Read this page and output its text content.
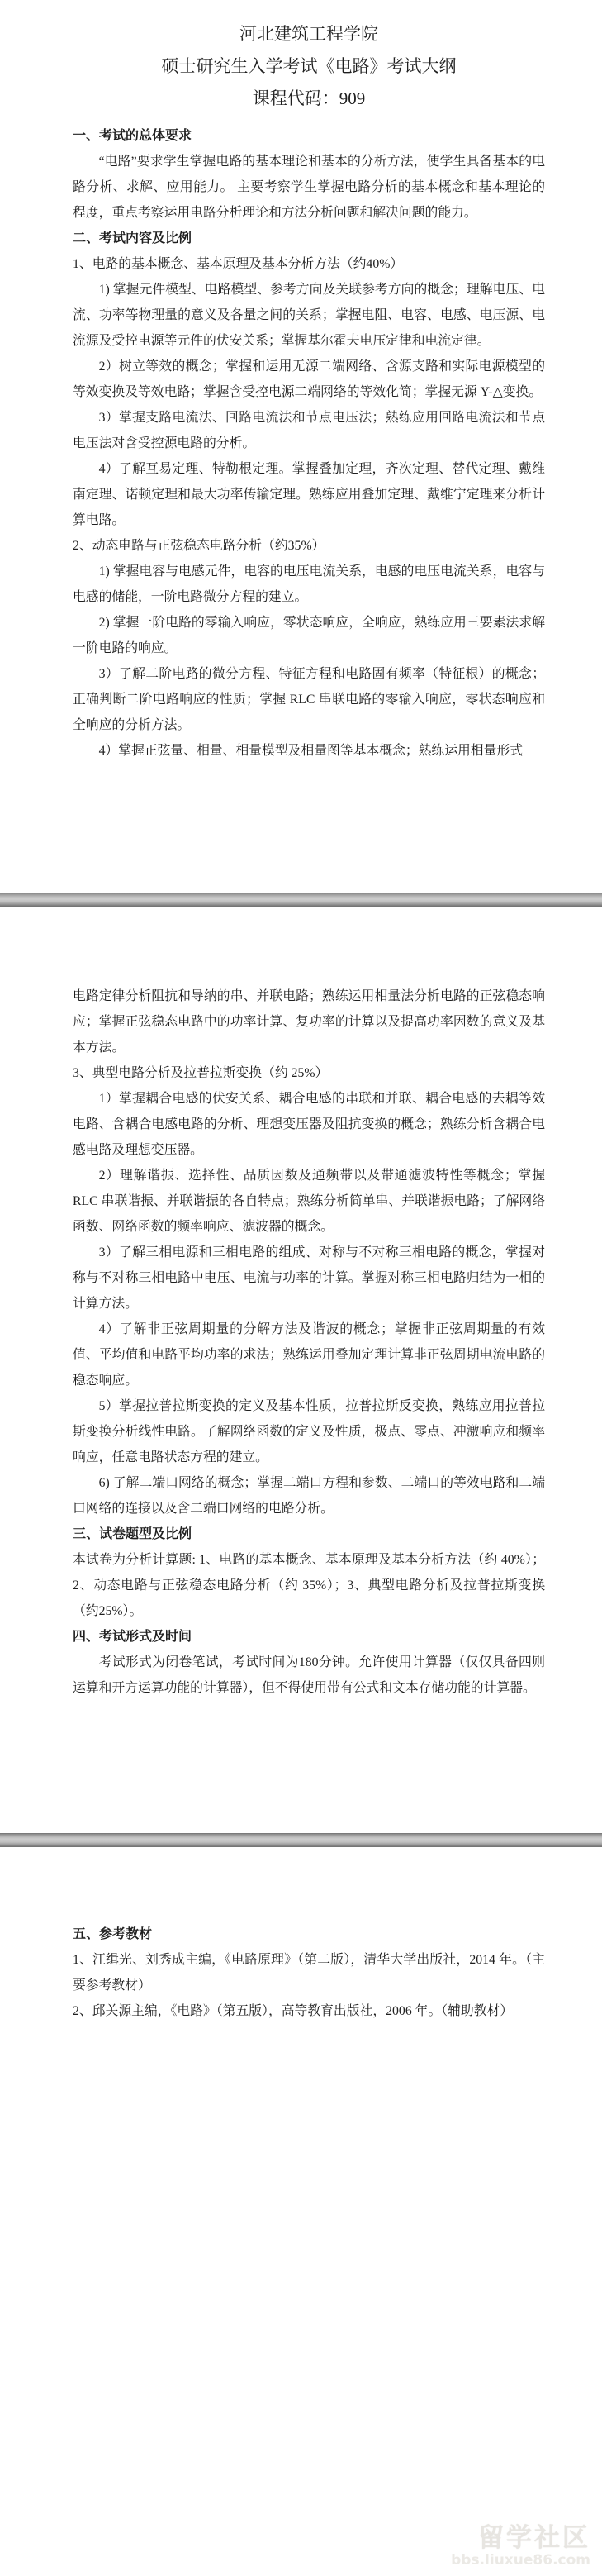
河北建筑工程学院

硕士研究生入学考试《电路》考试大纲

课程代码：909

一、考试的总体要求

“电路”要求学生掌握电路的基本理论和基本的分析方法，使学生具备基本的电路分析、求解、应用能力。 主要考察学生掌握电路分析的基本概念和基本理论的程度，重点考察运用电路分析理论和方法分析问题和解决问题的能力。

二、考试内容及比例

1、电路的基本概念、基本原理及基本分析方法（约40%）

1) 掌握元件模型、电路模型、参考方向及关联参考方向的概念；理解电压、电流、功率等物理量的意义及各量之间的关系；掌握电阻、电容、电感、电压源、电流源及受控电源等元件的伏安关系；掌握基尔霍夫电压定律和电流定律。

2）树立等效的概念；掌握和运用无源二端网络、含源支路和实际电源模型的等效变换及等效电路；掌握含受控电源二端网络的等效化简；掌握无源 Y-△变换。

3）掌握支路电流法、回路电流法和节点电压法；熟练应用回路电流法和节点电压法对含受控源电路的分析。

4）了解互易定理、特勒根定理。掌握叠加定理，齐次定理、替代定理、戴维南定理、诺顿定理和最大功率传输定理。熟练应用叠加定理、戴维宁定理来分析计算电路。

2、动态电路与正弦稳态电路分析（约35%）

1) 掌握电容与电感元件，电容的电压电流关系，电感的电压电流关系，电容与电感的储能，一阶电路微分方程的建立。

2) 掌握一阶电路的零输入响应，零状态响应，全响应，熟练应用三要素法求解一阶电路的响应。

3）了解二阶电路的微分方程、特征方程和电路固有频率（特征根）的概念；正确判断二阶电路响应的性质；掌握 RLC 串联电路的零输入响应，零状态响应和全响应的分析方法。

4）掌握正弦量、相量、相量模型及相量图等基本概念；熟练运用相量形式

电路定律分析阻抗和导纳的串、并联电路；熟练运用相量法分析电路的正弦稳态响应；掌握正弦稳态电路中的功率计算、复功率的计算以及提高功率因数的意义及基本方法。

3、典型电路分析及拉普拉斯变换（约 25%）

1）掌握耦合电感的伏安关系、耦合电感的串联和并联、耦合电感的去耦等效电路、含耦合电感电路的分析、理想变压器及阻抗变换的概念；熟练分析含耦合电感电路及理想变压器。

2）理解谐振、选择性、品质因数及通频带以及带通滤波特性等概念；掌握RLC 串联谐振、并联谐振的各自特点；熟练分析简单串、并联谐振电路；了解网络函数、网络函数的频率响应、滤波器的概念。

3）了解三相电源和三相电路的组成、对称与不对称三相电路的概念，掌握对称与不对称三相电路中电压、电流与功率的计算。掌握对称三相电路归结为一相的计算方法。

4）了解非正弦周期量的分解方法及谐波的概念；掌握非正弦周期量的有效值、平均值和电路平均功率的求法；熟练运用叠加定理计算非正弦周期电流电路的稳态响应。

5）掌握拉普拉斯变换的定义及基本性质，拉普拉斯反变换，熟练应用拉普拉斯变换分析线性电路。了解网络函数的定义及性质，极点、零点、冲激响应和频率响应，任意电路状态方程的建立。

6) 了解二端口网络的概念；掌握二端口方程和参数、二端口的等效电路和二端口网络的连接以及含二端口网络的电路分析。

三、试卷题型及比例

本试卷为分析计算题: 1、电路的基本概念、基本原理及基本分析方法（约 40%）；2、动态电路与正弦稳态电路分析（约 35%）；3、典型电路分析及拉普拉斯变换（约25%）。

四、考试形式及时间

考试形式为闭卷笔试，考试时间为180分钟。允许使用计算器（仅仅具备四则运算和开方运算功能的计算器），但不得使用带有公式和文本存储功能的计算器。

五、参考教材

1、江缉光、刘秀成主编，《电路原理》（第二版），清华大学出版社，2014 年。（主要参考教材）

2、邱关源主编，《电路》（第五版），高等教育出版社，2006 年。（辅助教材）

留学社区
bbs.liuxue86.com
